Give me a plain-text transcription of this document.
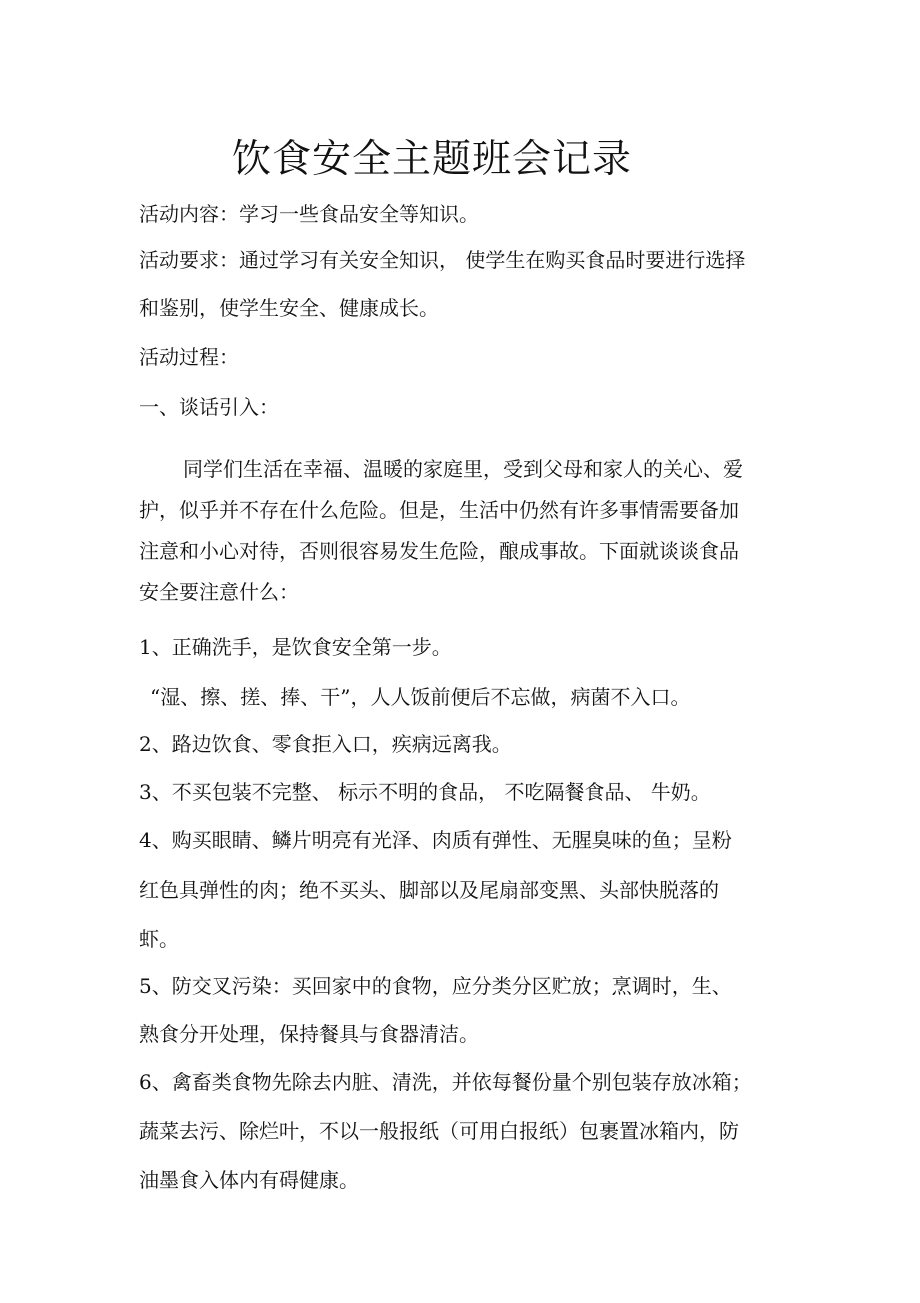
饮食安全主题班会记录
活动内容：学习一些食品安全等知识。
活动要求：通过学习有关安全知识， 使学生在购买食品时要进行选择
和鉴别，使学生安全、健康成长。
活动过程：
一、谈话引入：
同学们生活在幸福、温暖的家庭里，受到父母和家人的关心、爱
护，似乎并不存在什么危险。但是，生活中仍然有许多事情需要备加
注意和小心对待，否则很容易发生危险，酿成事故。下面就谈谈食品
安全要注意什么：
1、正确洗手，是饮食安全第一步。
“湿、擦、搓、捧、干”，人人饭前便后不忘做，病菌不入口。
2、路边饮食、零食拒入口，疾病远离我。
3、不买包装不完整、 标示不明的食品， 不吃隔餐食品、 牛奶。
4、购买眼睛、鳞片明亮有光泽、肉质有弹性、无腥臭味的鱼；呈粉
红色具弹性的肉；绝不买头、脚部以及尾扇部变黑、头部快脱落的
虾。
5、防交叉污染：买回家中的食物，应分类分区贮放；烹调时，生、
熟食分开处理，保持餐具与食器清洁。
6、禽畜类食物先除去内脏、清洗，并依每餐份量个别包装存放冰箱；
蔬菜去污、除烂叶，不以一般报纸（可用白报纸）包裹置冰箱内，防
油墨食入体内有碍健康。
